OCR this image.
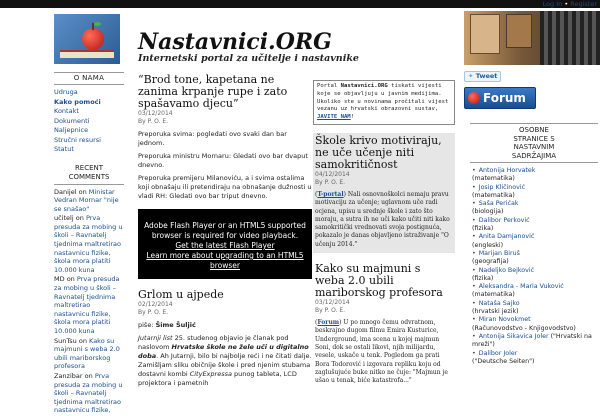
Log In • Register
Nastavnici.ORG
Internetski portal za učitelje i nastavnike
O NAMA
Udruga
Kako pomoći
Kontakt
Dokumenti
Naljepnice
Stručni resursi
Statut
RECENT
COMMENTS
Danijel on Ministar Vedran Mornar "nije se snašao"
učitelj on Prva presuda za mobing u školi – Ravnatelj tjednima maltretirao nastavnicu fizike, škola mora platiti 10.000 kuna
MD on Prva presuda za mobing u školi – Ravnatelj tjednima maltretirao nastavnicu fizike, škola mora platiti 10.000 kuna
SunTsu on Kako su majmuni s weba 2.0 ubili mariborskog profesora
Zanzibar on Prva presuda za mobing u školi – Ravnatelj tjednima maltretirao nastavnicu fizike,
“Brod tone, kapetana ne zanima krpanje rupe i zato spašavamo djecu”
03/12/2014
By P. O. E.

Preporuka svima: pogledati ovo svaki dan bar jednom.

Preporuka ministru Mornaru: Gledati ovo bar dvaput dnevno.

Preporuka premijeru Milanoviću, a i svima ostalima koji obnašaju ili pretendiraju na obnašanje dužnosti u vladi RH: Gledati ovo bar triput dnevno.

Adobe Flash Player or an HTML5 supported
browser is required for video playback.
Get the latest Flash Player
Learn more about upgrading to an HTML5
browser
Grlom u ajpede
02/12/2014
By P. O. E.

piše: Šime Šuljić

Jutarnji list 25. studenog objavio je članak pod naslovom Hrvatske škole ne žele uči u digitalno doba. Ah Jutarnji, bilo bi najbolje reći i ne čitati dalje. Zamišljam sliku običnije škole i pred njenim stubama dostavni kombi CityExpressa punog tableta, LCD projektora i pametnih

Portal Nastavnici.ORG tiskati vijesti koje se objavljuju u javnim medijima. Ukoliko ste u novinama pročitali vijest vezanu uz hrvatski obrazovni sustav, JAVITE NAM!
Škole krivo motiviraju, ne uče učenje niti samokritičnost
04/12/2014
By P. O. E.

(T-portal) Nali osnovnoškolci nemaju pravu motivaciju za učenje; uglavnom uče radi ocjena, upisu u srednje škole i zato što moraju, a sutra ih ne uči kako učiti niti kako samokritički vrednovati svoja postignuća, pokazalo je danas objavljeno istraživanje "O učenju 2014."

Kako su majmuni s weba 2.0 ubili mariborskog profesora
03/12/2014
By P. O. E.

(Forum) U po mnogo čemu odvratnom, beskrajno dugom filmu Emira Kusturice, Underground, ima scena u kojoj majmun Soni, dok se ostali likovi, njih milijardu, veselе, uskače u tenk. Pogledom ga prati Bora Todorović i izgovara repliku koju od zaglušujuće buke nitko ne čuje: "Majmun je ušao u tenak, biće katastrofa..."

✦ Tweet
Forum
OSOBNE
STRANICE S
NASTAVNIM
SADRŽAJIMA
• Antonija Horvatek
(matematika)
• Josip Kličinović
(matematika)
• Saša Perićak
(biologija)
• Dalibor Perković
(fizika)
• Anita Damjanović
(engleski)
• Marijan Biruš
(geografija)
• Nadeljko Bejković
(fizika)
• Aleksandra - Maria Vuković (matematika)
• Nataša Sajko
(hrvatski jezik)
• Miran Novokmet
(Računovodstvo - Knjigovodstvo)
• Antonija Sikavica Joler ("Hrvatski na mreži")
• Dalibor Joler
("Deutsche Seiten")
